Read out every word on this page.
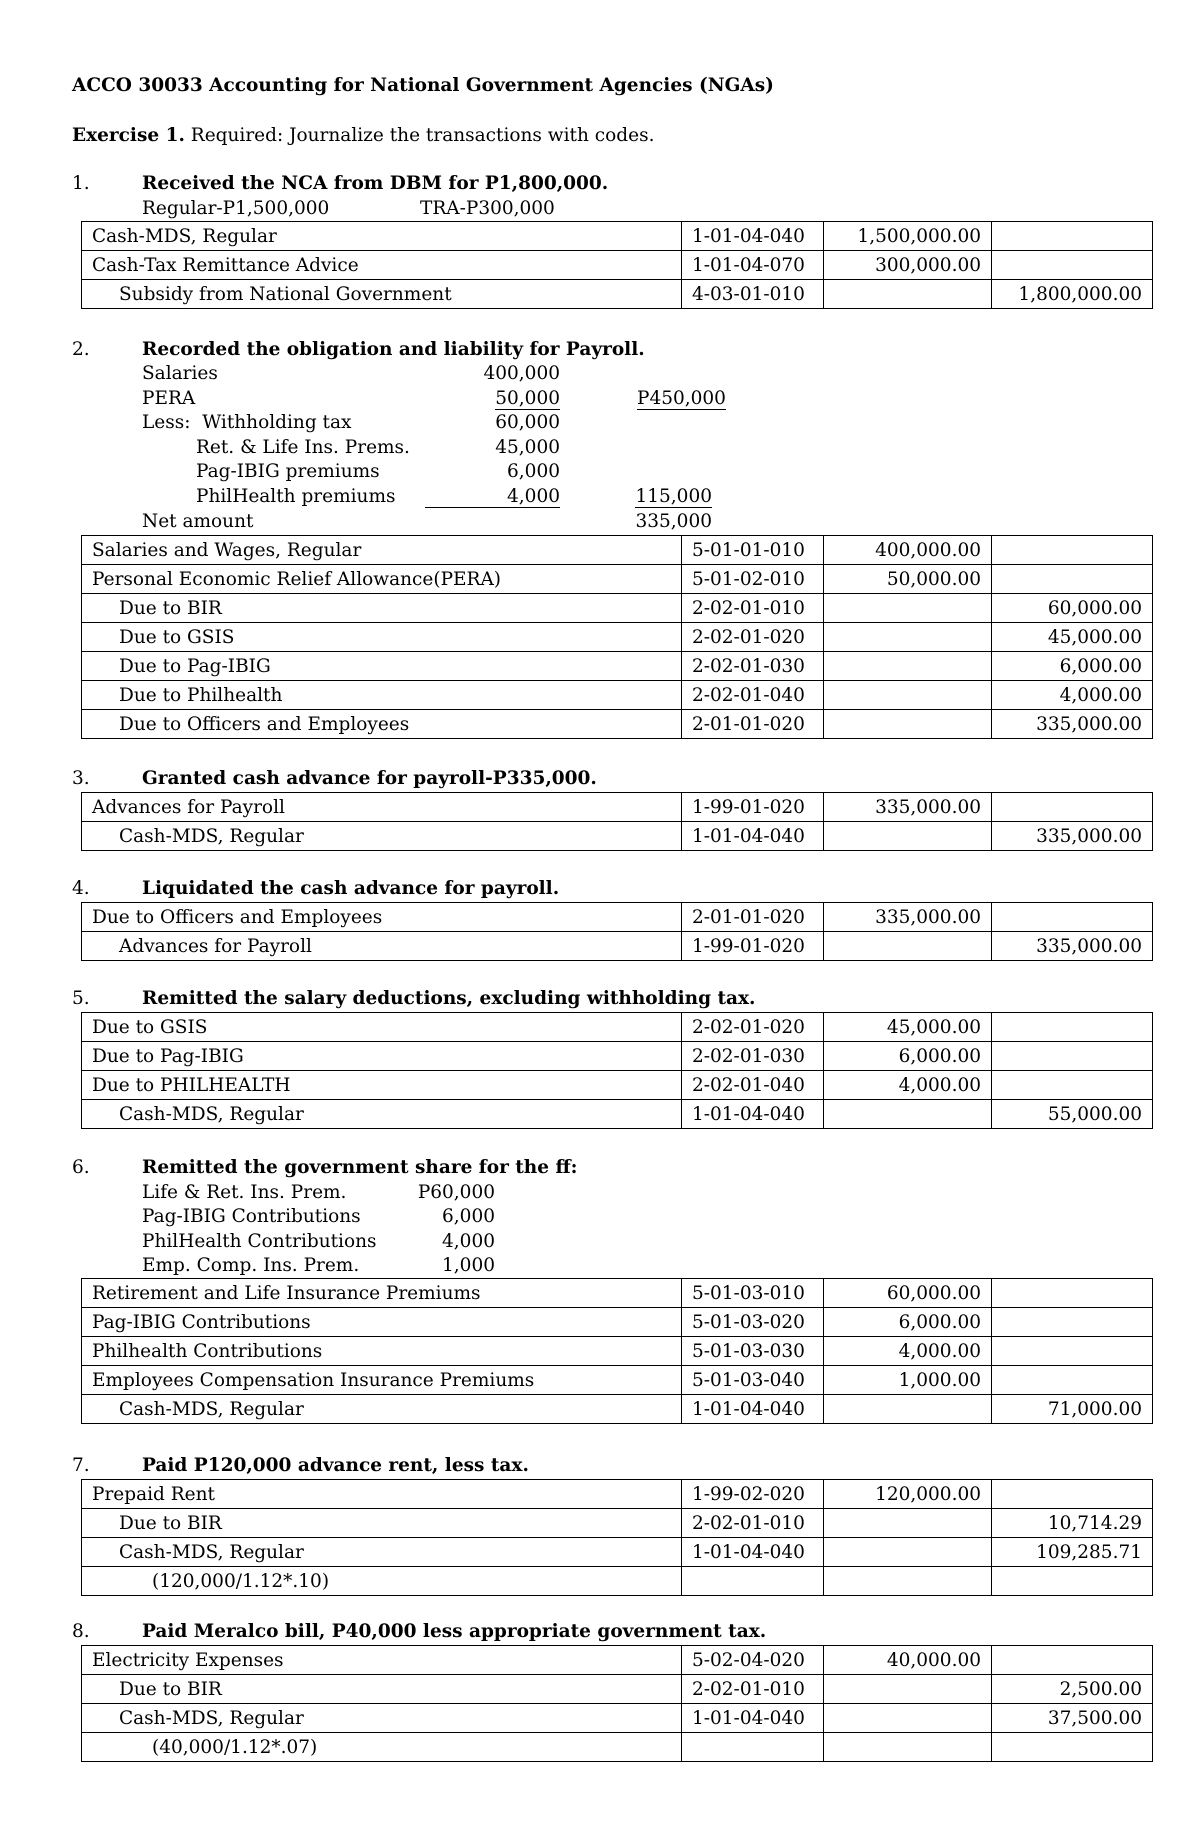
ACCO 30033 Accounting for National Government Agencies (NGAs)
Exercise 1. Required: Journalize the transactions with codes.
1.	Received the NCA from DBM for P1,800,000.
Regular-P1,500,000	TRA-P300,000
Cash-MDS, Regular	1-01-04-040	1,500,000.00	
Cash-Tax Remittance Advice	1-01-04-070	300,000.00	
Subsidy from National Government	4-03-01-010		1,800,000.00
2.	Recorded the obligation and liability for Payroll.
Salaries	400,000
PERA	50,000	P450,000
Less:  Withholding tax	60,000
Ret. & Life Ins. Prems.	45,000
Pag-IBIG premiums	6,000
PhilHealth premiums	4,000	115,000
Net amount	335,000
Salaries and Wages, Regular	5-01-01-010	400,000.00	
Personal Economic Relief Allowance(PERA)	5-01-02-010	50,000.00	
Due to BIR	2-02-01-010		60,000.00
Due to GSIS	2-02-01-020		45,000.00
Due to Pag-IBIG	2-02-01-030		6,000.00
Due to Philhealth	2-02-01-040		4,000.00
Due to Officers and Employees	2-01-01-020		335,000.00
3.	Granted cash advance for payroll-P335,000.
Advances for Payroll	1-99-01-020	335,000.00	
Cash-MDS, Regular	1-01-04-040		335,000.00
4.	Liquidated the cash advance for payroll.
Due to Officers and Employees	2-01-01-020	335,000.00	
Advances for Payroll	1-99-01-020		335,000.00
5.	Remitted the salary deductions, excluding withholding tax.
Due to GSIS	2-02-01-020	45,000.00	
Due to Pag-IBIG	2-02-01-030	6,000.00	
Due to PHILHEALTH	2-02-01-040	4,000.00	
Cash-MDS, Regular	1-01-04-040		55,000.00
6.	Remitted the government share for the ff:
Life & Ret. Ins. Prem.	P60,000
Pag-IBIG Contributions	6,000
PhilHealth Contributions	4,000
Emp. Comp. Ins. Prem.	1,000
Retirement and Life Insurance Premiums	5-01-03-010	60,000.00	
Pag-IBIG Contributions	5-01-03-020	6,000.00	
Philhealth Contributions	5-01-03-030	4,000.00	
Employees Compensation Insurance Premiums	5-01-03-040	1,000.00	
Cash-MDS, Regular	1-01-04-040		71,000.00
7.	Paid P120,000 advance rent, less tax.
Prepaid Rent	1-99-02-020	120,000.00	
Due to BIR	2-02-01-010		10,714.29
Cash-MDS, Regular	1-01-04-040		109,285.71
(120,000/1.12*.10)			
8.	Paid Meralco bill, P40,000 less appropriate government tax.
Electricity Expenses	5-02-04-020	40,000.00	
Due to BIR	2-02-01-010		2,500.00
Cash-MDS, Regular	1-01-04-040		37,500.00
(40,000/1.12*.07)			
